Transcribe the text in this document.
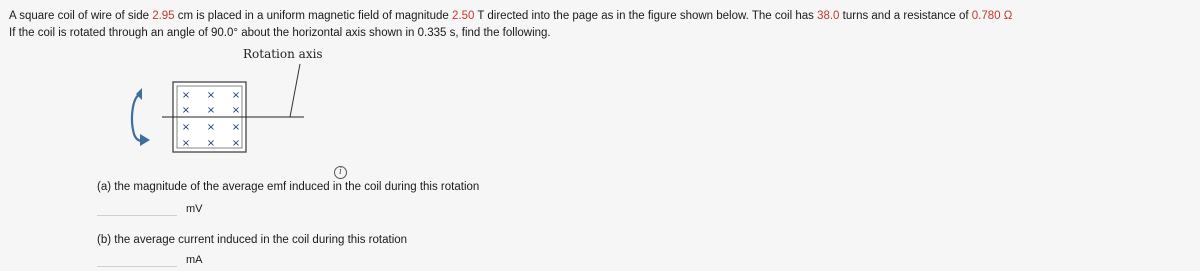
A square coil of wire of side 2.95 cm is placed in a uniform magnetic field of magnitude 2.50 T directed into the page as in the figure shown below. The coil has 38.0 turns and a resistance of 0.780 Ω
If the coil is rotated through an angle of 90.0° about the horizontal axis shown in 0.335 s, find the following.
Rotation axis
× × ×
× × ×
× × ×
× × ×
i
(a) the magnitude of the average emf induced in the coil during this rotation
mV
(b) the average current induced in the coil during this rotation
mA
